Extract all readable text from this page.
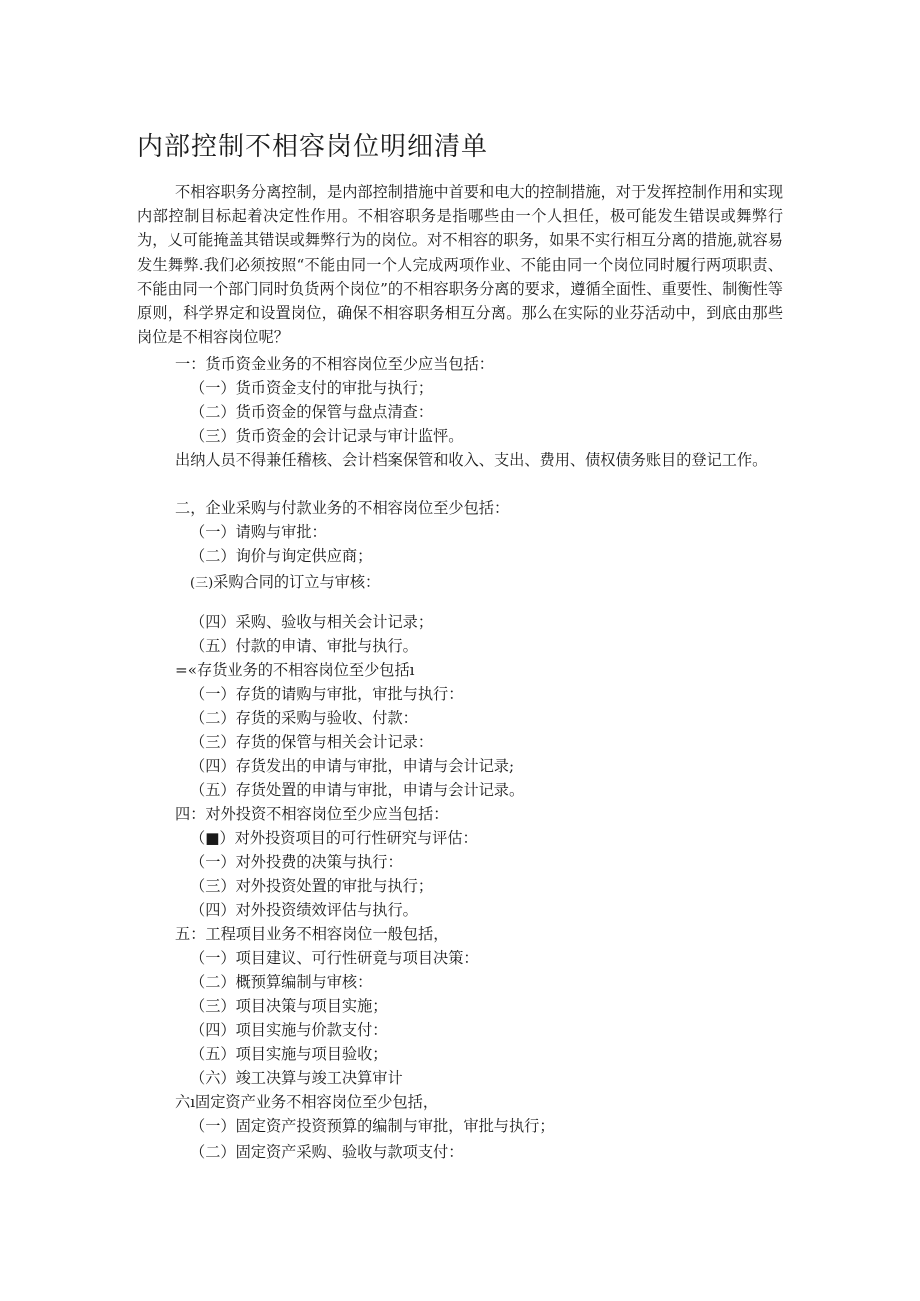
内部控制不相容岗位明细清单

不相容职务分离控制，是内部控制措施中首要和电大的控制措施，对于发挥控制作用和实现内部控制目标起着决定性作用。不相容职务是指哪些由一个人担任，极可能发生错误或舞弊行为，乂可能掩盖其错误或舞弊行为的岗位。对不相容的职务，如果不实行相互分离的措施,就容易发生舞弊.我们必须按照“不能由同一个人完成两项作业、不能由同一个岗位同时履行两项职责、不能由同一个部门同时负货两个岗位”的不相容职务分离的要求，遵循全面性、重要性、制衡性等原则，科学界定和设置岗位，确保不相容职务相互分离。那么在实际的业芬活动中，到底由那些岗位是不相容岗位呢？

一：货币资金业务的不相容岗位至少应当包括：

（一）货币资金支付的审批与执行；

（二）货币资金的保管与盘点清查：

（三）货币资金的会计记录与审计监怦。

出纳人员不得兼任稽核、会计档案保管和收入、支出、费用、债权债务账目的登记工作。

二，企业采购与付款业务的不相容岗位至少包括：

（一）请购与审批：

（二）询价与询定供应商；

(三)采购合同的订立与审核：

（四）采购、验收与相关会计记录；

（五）付款的申请、审批与执行。

=«存货业务的不相容岗位至少包括ı

（一）存货的请购与审批，审批与执行：

（二）存货的采购与验收、付款：

（三）存货的保管与相关会计记录：

（四）存货发出的申请与审批，申请与会计记录;

（五）存货处置的申请与审批，申请与会计记录。

四：对外投资不相容岗位至少应当包括：

（■）对外投资项目的可行性研究与评估：

（一）对外投费的决策与执行：

（三）对外投资处置的审批与执行；

（四）对外投资绩效评估与执行。

五：工程项目业务不相容岗位一般包括，

（一）项目建议、可行性研竟与项目决策：

（二）概预算编制与审核：

（三）项目决策与项目实施；

（四）项目实施与价款支付：

（五）项目实施与项目验收；

（六）竣工决算与竣工决算审计

六ı固定资产业务不相容岗位至少包括，

（一）固定资产投资预算的编制与审批，审批与执行；

（二）固定资产采购、验收与款项支付：
